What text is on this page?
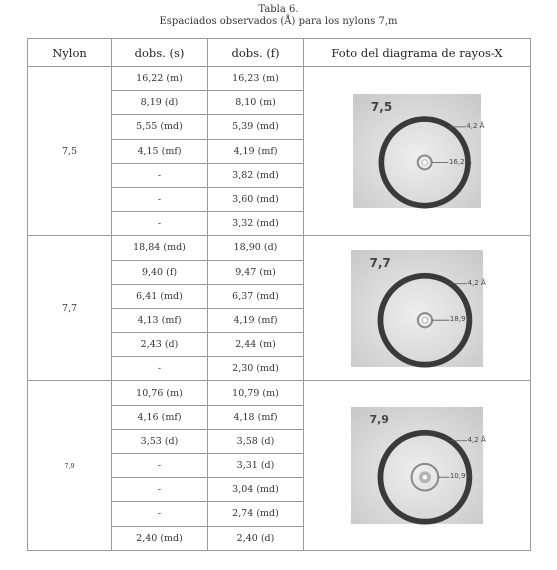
Tabla 6.
Espaciados observados (Å) para los nylons 7,m
Nylon	dobs. (s)	dobs. (f)	Foto del diagrama de rayos-X
7,5	16,22 (m)	16,23 (m)	7,5
4,2 Å
16,2 Å

	8,19 (d)	8,10 (m)	
	5,55 (md)	5,39 (md)	
	4,15 (mf)	4,19 (mf)	
	-	3,82 (md)	
	-	3,60 (md)	
	-	3,32 (md)	
7,7	18,84 (md)	18,90 (d)	7,7
4,2 Å
18,9 Å

	9,40 (f)	9,47 (m)	
	6,41 (md)	6,37 (md)	
	4,13 (mf)	4,19 (mf)	
	2,43 (d)	2,44 (m)	
	-	2,30 (md)	
7,9	10,76 (m)	10,79 (m)	7,9
4,2 Å
10,9 Å

	4,16 (mf)	4,18 (mf)	
	3,53 (d)	3,58 (d)	
	-	3,31 (d)	
	-	3,04 (md)	
	-	2,74 (md)	
	2,40 (md)	2,40 (d)	
